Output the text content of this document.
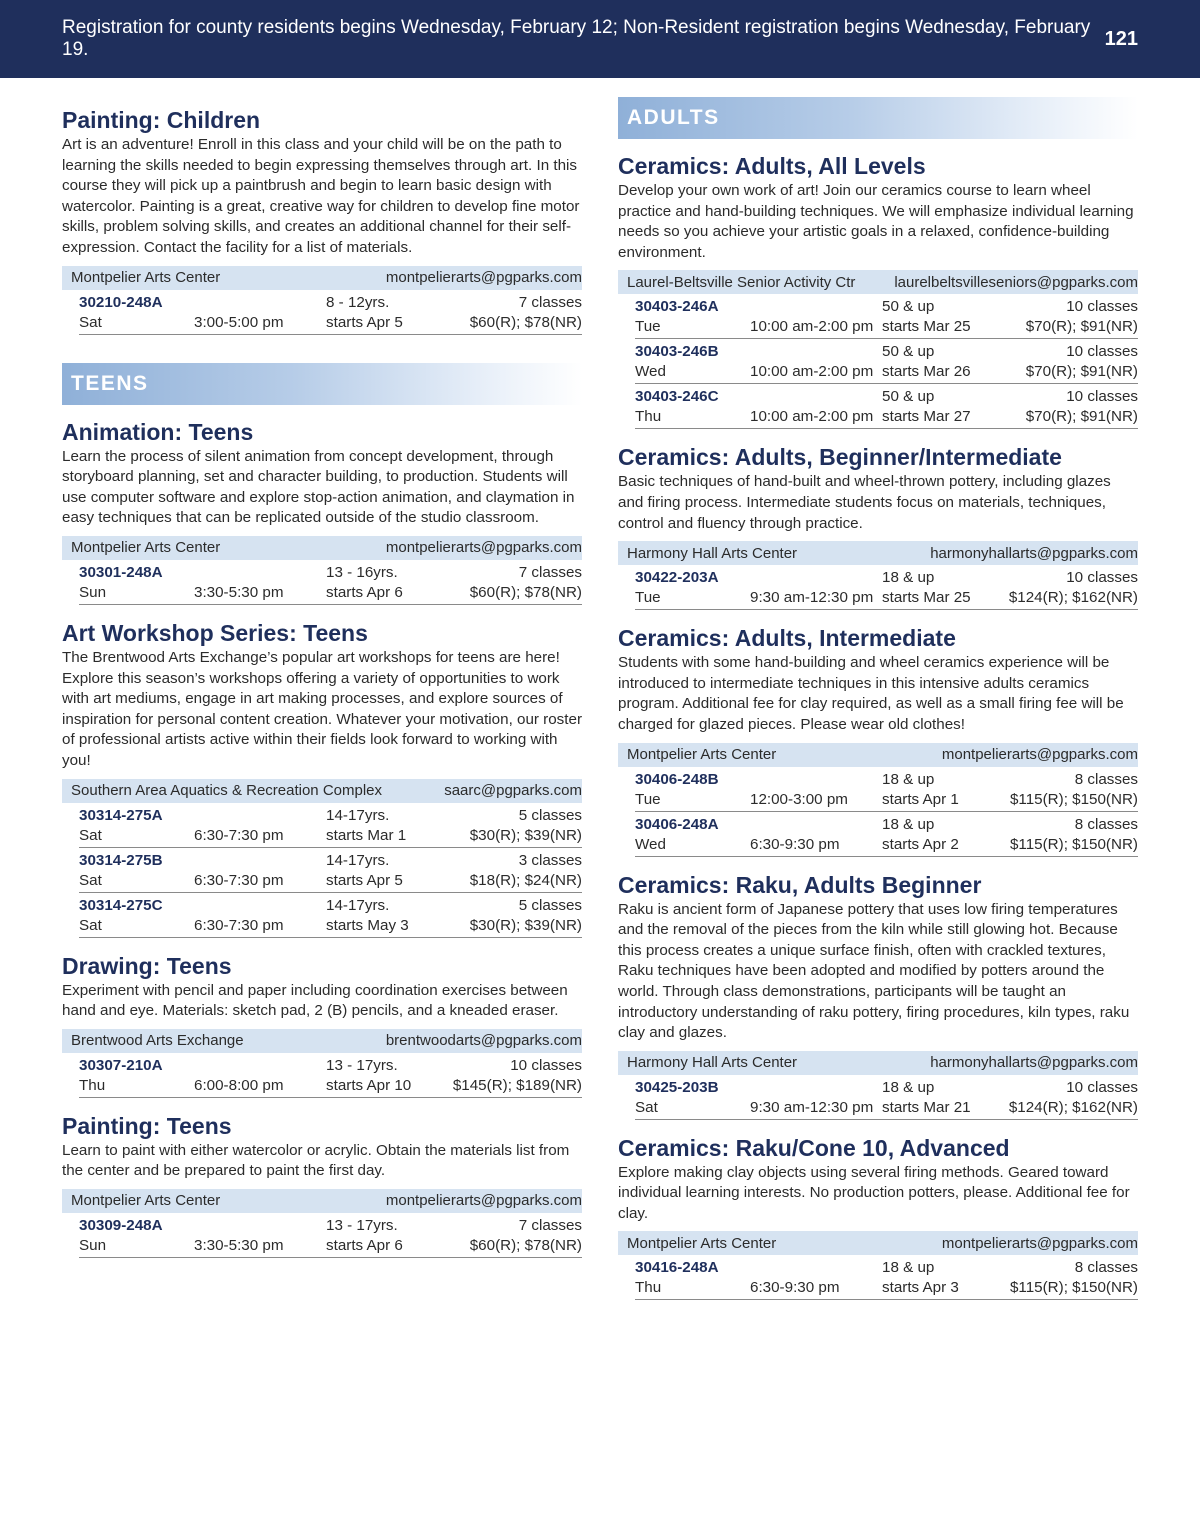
Registration for county residents begins Wednesday, February 12; Non-Resident registration begins Wednesday, February 19.	121
Painting: Children

Art is an adventure! Enroll in this class and your child will be on the path to learning the skills needed to begin expressing themselves through art. In this course they will pick up a paintbrush and begin to learn basic design with watercolor. Painting is a great, creative way for children to develop fine motor skills, problem solving skills, and creates an additional channel for their self-expression. Contact the facility for a list of materials.

Montpelier Arts Center	montpelierarts@pgparks.com
30210-248A	8 - 12yrs.	7 classes
Sat	3:00-5:00 pm	starts Apr 5	$60(R); $78(NR)
TEENS
Animation: Teens

Learn the process of silent animation from concept development, through storyboard planning, set and character building, to production. Students will use computer software and explore stop-action animation, and claymation in easy techniques that can be replicated outside of the studio classroom.

Montpelier Arts Center	montpelierarts@pgparks.com
30301-248A	13 - 16yrs.	7 classes
Sun	3:30-5:30 pm	starts Apr 6	$60(R); $78(NR)
Art Workshop Series: Teens

The Brentwood Arts Exchange’s popular art workshops for teens are here! Explore this season’s workshops offering a variety of opportunities to work with art mediums, engage in art making processes, and explore sources of inspiration for personal content creation. Whatever your motivation, our roster of professional artists active within their fields look forward to working with you!

Southern Area Aquatics & Recreation Complex	saarc@pgparks.com
30314-275A	14-17yrs.	5 classes
Sat	6:30-7:30 pm	starts Mar 1	$30(R); $39(NR)
30314-275B	14-17yrs.	3 classes
Sat	6:30-7:30 pm	starts Apr 5	$18(R); $24(NR)
30314-275C	14-17yrs.	5 classes
Sat	6:30-7:30 pm	starts May 3	$30(R); $39(NR)
Drawing: Teens

Experiment with pencil and paper including coordination exercises between hand and eye. Materials: sketch pad, 2 (B) pencils, and a kneaded eraser.

Brentwood Arts Exchange	brentwoodarts@pgparks.com
30307-210A	13 - 17yrs.	10 classes
Thu	6:00-8:00 pm	starts Apr 10	$145(R); $189(NR)
Painting: Teens

Learn to paint with either watercolor or acrylic. Obtain the materials list from the center and be prepared to paint the first day.

Montpelier Arts Center	montpelierarts@pgparks.com
30309-248A	13 - 17yrs.	7 classes
Sun	3:30-5:30 pm	starts Apr 6	$60(R); $78(NR)
ADULTS
Ceramics: Adults, All Levels

Develop your own work of art! Join our ceramics course to learn wheel practice and hand-building techniques. We will emphasize individual learning needs so you achieve your artistic goals in a relaxed, confidence-building environment.

Laurel-Beltsville Senior Activity Ctr	laurelbeltsvilleseniors@pgparks.com
30403-246A	50 & up	10 classes
Tue	10:00 am-2:00 pm starts Mar 25	$70(R); $91(NR)
30403-246B	50 & up	10 classes
Wed	10:00 am-2:00 pm starts Mar 26	$70(R); $91(NR)
30403-246C	50 & up	10 classes
Thu	10:00 am-2:00 pm starts Mar 27	$70(R); $91(NR)
Ceramics: Adults, Beginner/Intermediate

Basic techniques of hand-built and wheel-thrown pottery, including glazes and firing process. Intermediate students focus on materials, techniques, control and fluency through practice.

Harmony Hall Arts Center	harmonyhallarts@pgparks.com
30422-203A	18 & up	10 classes
Tue	9:30 am-12:30 pm starts Mar 25	$124(R); $162(NR)
Ceramics: Adults, Intermediate

Students with some hand-building and wheel ceramics experience will be introduced to intermediate techniques in this intensive adults ceramics program. Additional fee for clay required, as well as a small firing fee will be charged for glazed pieces. Please wear old clothes!

Montpelier Arts Center	montpelierarts@pgparks.com
30406-248B	18 & up	8 classes
Tue	12:00-3:00 pm	starts Apr 1	$115(R); $150(NR)
30406-248A	18 & up	8 classes
Wed	6:30-9:30 pm	starts Apr 2	$115(R); $150(NR)
Ceramics: Raku, Adults Beginner

Raku is ancient form of Japanese pottery that uses low firing temperatures and the removal of the pieces from the kiln while still glowing hot. Because this process creates a unique surface finish, often with crackled textures, Raku techniques have been adopted and modified by potters around the world. Through class demonstrations, participants will be taught an introductory understanding of raku pottery, firing procedures, kiln types, raku clay and glazes.

Harmony Hall Arts Center	harmonyhallarts@pgparks.com
30425-203B	18 & up	10 classes
Sat	9:30 am-12:30 pm starts Mar 21	$124(R); $162(NR)
Ceramics: Raku/Cone 10, Advanced

Explore making clay objects using several firing methods. Geared toward individual learning interests. No production potters, please. Additional fee for clay.

Montpelier Arts Center	montpelierarts@pgparks.com
30416-248A	18 & up	8 classes
Thu	6:30-9:30 pm	starts Apr 3	$115(R); $150(NR)
